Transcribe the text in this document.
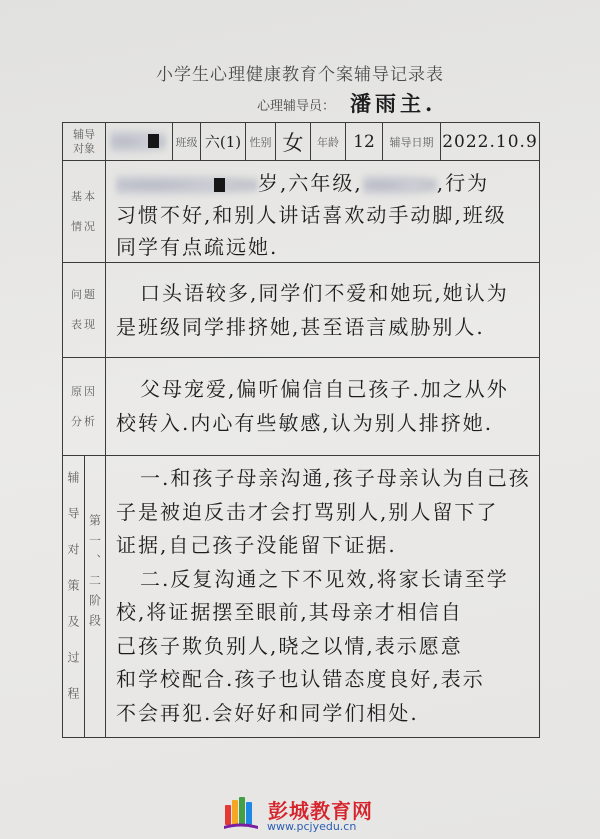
小学生心理健康教育个案辅导记录表
心理辅导员： 潘雨主.
辅导
对象	班级 六(1) 性别 女 年龄 12 辅导日期 2022.10.9
基本
情况
岁,六年级,	,行为
习惯不好,和别人讲话喜欢动手动脚,班级
同学有点疏远她.
问题
表现
口头语较多,同学们不爱和她玩,她认为
是班级同学排挤她,甚至语言威胁别人.
原因
分析
父母宠爱,偏听偏信自己孩子.加之从外
校转入.内心有些敏感,认为别人排挤她.
辅导对策及过程 第一、二阶段
一.和孩子母亲沟通,孩子母亲认为自己孩
子是被迫反击才会打骂别人,别人留下了
证据,自己孩子没能留下证据.
二.反复沟通之下不见效,将家长请至学
校,将证据摆至眼前,其母亲才相信自
己孩子欺负别人,晓之以情,表示愿意
和学校配合.孩子也认错态度良好,表示
不会再犯.会好好和同学们相处.
彭城教育网
www.pcjyedu.cn
